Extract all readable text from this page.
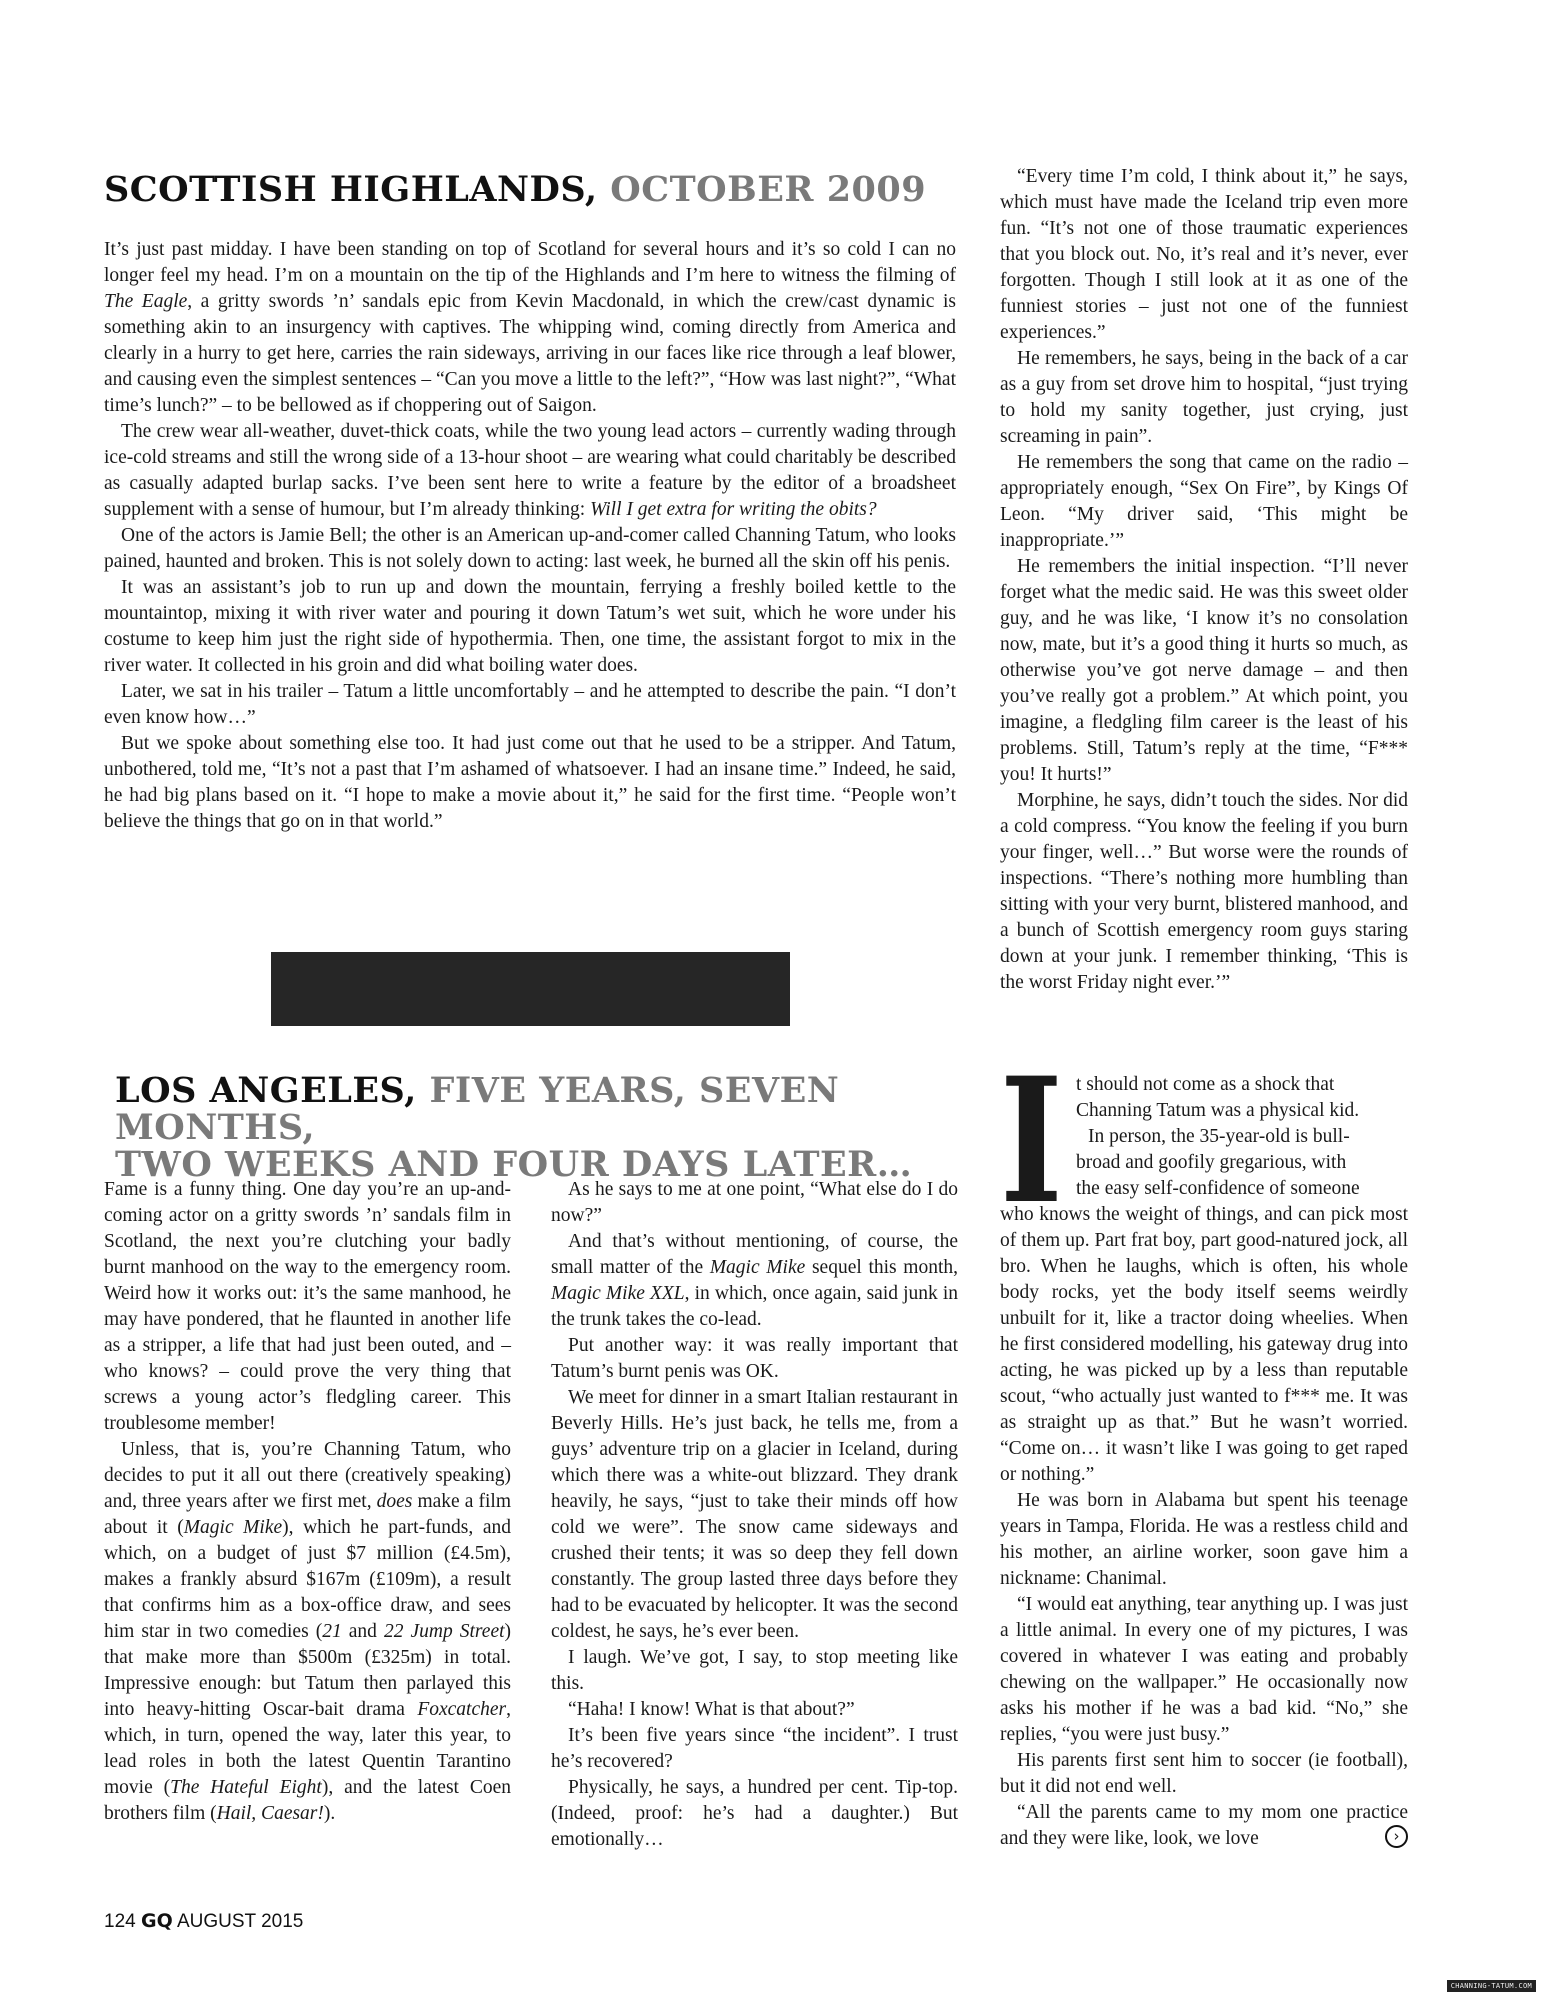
SCOTTISH HIGHLANDS, OCTOBER 2009

It’s just past midday. I have been standing on top of Scotland for several hours and it’s so cold I can no longer feel my head. I’m on a mountain on the tip of the Highlands and I’m here to witness the filming of The Eagle, a gritty swords ’n’ sandals epic from Kevin Macdonald, in which the crew/cast dynamic is something akin to an insurgency with captives. The whipping wind, coming directly from America and clearly in a hurry to get here, carries the rain sideways, arriving in our faces like rice through a leaf blower, and causing even the simplest sentences – “Can you move a little to the left?”, “How was last night?”, “What time’s lunch?” – to be bellowed as if choppering out of Saigon.

The crew wear all-weather, duvet-thick coats, while the two young lead actors – currently wading through ice-cold streams and still the wrong side of a 13-hour shoot – are wearing what could charitably be described as casually adapted burlap sacks. I’ve been sent here to write a feature by the editor of a broadsheet supplement with a sense of humour, but I’m already thinking: Will I get extra for writing the obits?

One of the actors is Jamie Bell; the other is an American up-and-comer called Channing Tatum, who looks pained, haunted and broken. This is not solely down to acting: last week, he burned all the skin off his penis.

It was an assistant’s job to run up and down the mountain, ferrying a freshly boiled kettle to the mountaintop, mixing it with river water and pouring it down Tatum’s wet suit, which he wore under his costume to keep him just the right side of hypothermia. Then, one time, the assistant forgot to mix in the river water. It collected in his groin and did what boiling water does.

Later, we sat in his trailer – Tatum a little uncomfortably – and he attempted to describe the pain. “I don’t even know how…”

But we spoke about something else too. It had just come out that he used to be a stripper. And Tatum, unbothered, told me, “It’s not a past that I’m ashamed of whatsoever. I had an insane time.” Indeed, he said, he had big plans based on it. “I hope to make a movie about it,” he said for the first time. “People won’t believe the things that go on in that world.”

“Every time I’m cold, I think about it,” he says, which must have made the Iceland trip even more fun. “It’s not one of those traumatic experiences that you block out. No, it’s real and it’s never, ever forgotten. Though I still look at it as one of the funniest stories – just not one of the funniest experiences.”

He remembers, he says, being in the back of a car as a guy from set drove him to hospital, “just trying to hold my sanity together, just crying, just screaming in pain”.

He remembers the song that came on the radio – appropriately enough, “Sex On Fire”, by Kings Of Leon. “My driver said, ‘This might be inappropriate.’”

He remembers the initial inspection. “I’ll never forget what the medic said. He was this sweet older guy, and he was like, ‘I know it’s no consolation now, mate, but it’s a good thing it hurts so much, as otherwise you’ve got nerve damage – and then you’ve really got a problem.” At which point, you imagine, a fledgling film career is the least of his problems. Still, Tatum’s reply at the time, “F*** you! It hurts!”

Morphine, he says, didn’t touch the sides. Nor did a cold compress. “You know the feeling if you burn your finger, well…” But worse were the rounds of inspections. “There’s nothing more humbling than sitting with your very burnt, blistered manhood, and a bunch of Scottish emergency room guys staring down at your junk. I remember thinking, ‘This is the worst Friday night ever.’”

LOS ANGELES, FIVE YEARS, SEVEN MONTHS,
TWO WEEKS AND FOUR DAYS LATER…

Fame is a funny thing. One day you’re an up-and-coming actor on a gritty swords ’n’ sandals film in Scotland, the next you’re clutching your badly burnt manhood on the way to the emergency room. Weird how it works out: it’s the same manhood, he may have pondered, that he flaunted in another life as a stripper, a life that had just been outed, and – who knows? – could prove the very thing that screws a young actor’s fledgling career. This troublesome member!

Unless, that is, you’re Channing Tatum, who decides to put it all out there (creatively speaking) and, three years after we first met, does make a film about it (Magic Mike), which he part-funds, and which, on a budget of just $7 million (£4.5m), makes a frankly absurd $167m (£109m), a result that confirms him as a box-office draw, and sees him star in two comedies (21 and 22 Jump Street) that make more than $500m (£325m) in total. Impressive enough: but Tatum then parlayed this into heavy-hitting Oscar-bait drama Foxcatcher, which, in turn, opened the way, later this year, to lead roles in both the latest Quentin Tarantino movie (The Hateful Eight), and the latest Coen brothers film (Hail, Caesar!).

As he says to me at one point, “What else do I do now?”

And that’s without mentioning, of course, the small matter of the Magic Mike sequel this month, Magic Mike XXL, in which, once again, said junk in the trunk takes the co-lead.

Put another way: it was really important that Tatum’s burnt penis was OK.

We meet for dinner in a smart Italian restaurant in Beverly Hills. He’s just back, he tells me, from a guys’ adventure trip on a glacier in Iceland, during which there was a white-out blizzard. They drank heavily, he says, “just to take their minds off how cold we were”. The snow came sideways and crushed their tents; it was so deep they fell down constantly. The group lasted three days before they had to be evacuated by helicopter. It was the second coldest, he says, he’s ever been.

I laugh. We’ve got, I say, to stop meeting like this.

“Haha! I know! What is that about?”

It’s been five years since “the incident”. I trust he’s recovered?

Physically, he says, a hundred per cent. Tip-top. (Indeed, proof: he’s had a daughter.) But emotionally…

I t should not come as a shock that

Channing Tatum was a physical kid.

In person, the 35-year-old is bull-

broad and goofily gregarious, with

the easy self-confidence of someone

who knows the weight of things, and can pick most of them up. Part frat boy, part good-natured jock, all bro. When he laughs, which is often, his whole body rocks, yet the body itself seems weirdly unbuilt for it, like a tractor doing wheelies. When he first considered modelling, his gateway drug into acting, he was picked up by a less than reputable scout, “who actually just wanted to f*** me. It was as straight up as that.” But he wasn’t worried. “Come on… it wasn’t like I was going to get raped or nothing.”

He was born in Alabama but spent his teenage years in Tampa, Florida. He was a restless child and his mother, an airline worker, soon gave him a nickname: Chanimal.

“I would eat anything, tear anything up. I was just a little animal. In every one of my pictures, I was covered in whatever I was eating and probably chewing on the wallpaper.” He occasionally now asks his mother if he was a bad kid. “No,” she replies, “you were just busy.”

His parents first sent him to soccer (ie football), but it did not end well.

“All the parents came to my mom one practice and they were like, look, we love	›
124 GQ AUGUST 2015
CHANNING-TATUM.COM
